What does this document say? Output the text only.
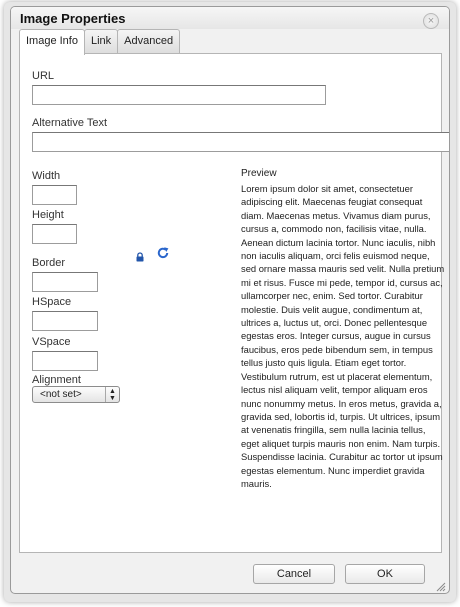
Image Properties	×
Image Info	Link	Advanced
URL
Alternative Text
Width
Height
Border
HSpace
VSpace
Alignment
<not set>	▲
▼
Preview
Lorem ipsum dolor sit amet, consectetuer adipiscing elit. Maecenas feugiat consequat diam. Maecenas metus. Vivamus diam purus, cursus a, commodo non, facilisis vitae, nulla. Aenean dictum lacinia tortor. Nunc iaculis, nibh non iaculis aliquam, orci felis euismod neque, sed ornare massa mauris sed velit. Nulla pretium mi et risus. Fusce mi pede, tempor id, cursus ac, ullamcorper nec, enim. Sed tortor. Curabitur molestie. Duis velit augue, condimentum at, ultrices a, luctus ut, orci. Donec pellentesque egestas eros. Integer cursus, augue in cursus faucibus, eros pede bibendum sem, in tempus tellus justo quis ligula. Etiam eget tortor. Vestibulum rutrum, est ut placerat elementum, lectus nisl aliquam velit, tempor aliquam eros nunc nonummy metus. In eros metus, gravida a, gravida sed, lobortis id, turpis. Ut ultrices, ipsum at venenatis fringilla, sem nulla lacinia tellus, eget aliquet turpis mauris non enim. Nam turpis. Suspendisse lacinia. Curabitur ac tortor ut ipsum egestas elementum. Nunc imperdiet gravida mauris.
Cancel	OK
